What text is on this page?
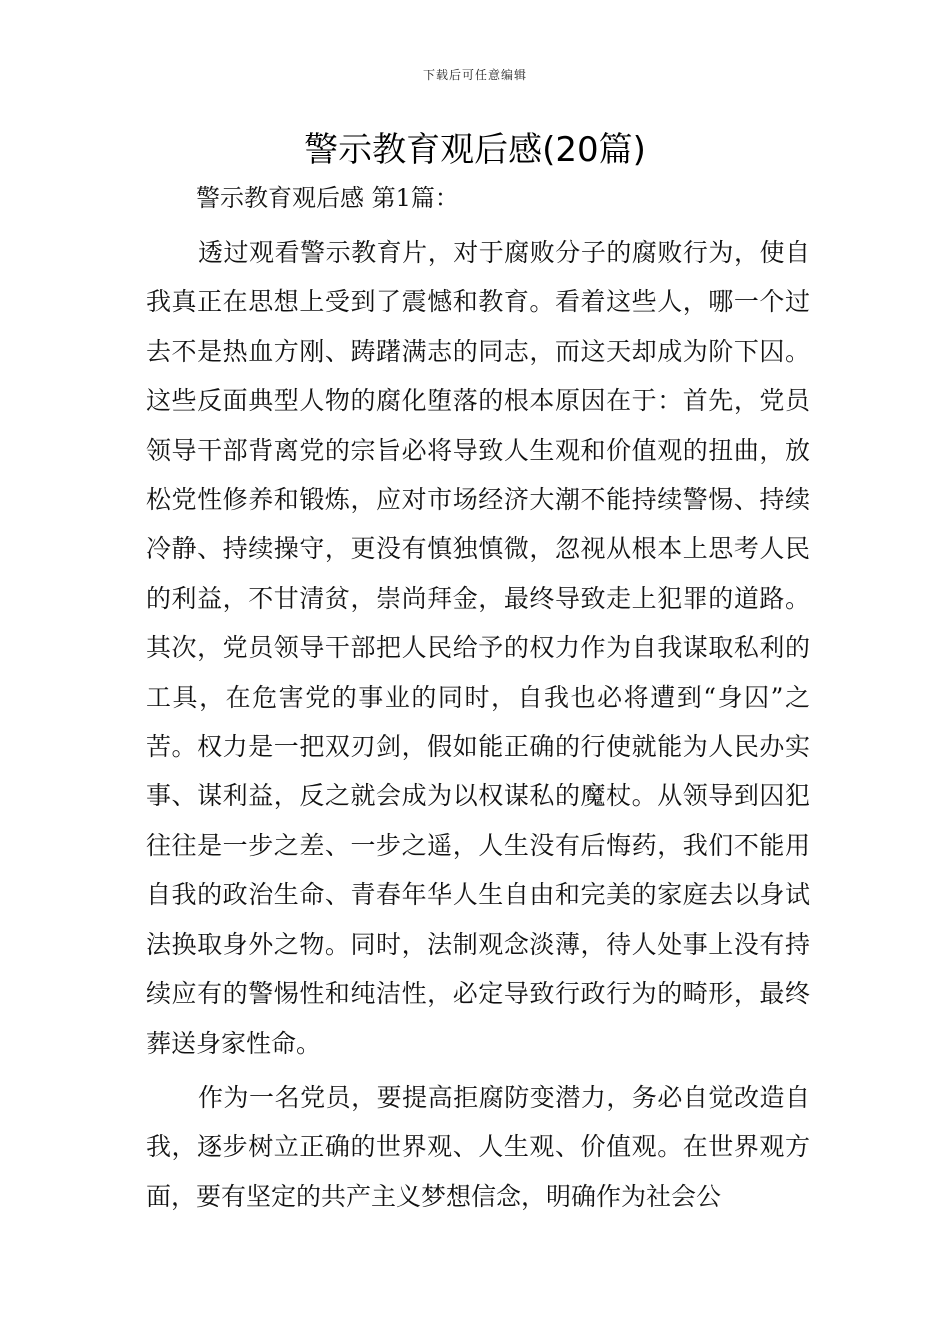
下载后可任意编辑
警示教育观后感(20篇)
警示教育观后感 第1篇：

透过观看警示教育片，对于腐败分子的腐败行为，使自我真正在思想上受到了震憾和教育。看着这些人，哪一个过去不是热血方刚、踌躇满志的同志，而这天却成为阶下囚。这些反面典型人物的腐化堕落的根本原因在于：首先，党员领导干部背离党的宗旨必将导致人生观和价值观的扭曲，放松党性修养和锻炼，应对市场经济大潮不能持续警惕、持续冷静、持续操守，更没有慎独慎微，忽视从根本上思考人民的利益，不甘清贫，崇尚拜金，最终导致走上犯罪的道路。其次，党员领导干部把人民给予的权力作为自我谋取私利的工具，在危害党的事业的同时，自我也必将遭到“身囚”之苦。权力是一把双刃剑，假如能正确的行使就能为人民办实事、谋利益，反之就会成为以权谋私的魔杖。从领导到囚犯往往是一步之差、一步之遥，人生没有后悔药，我们不能用自我的政治生命、青春年华人生自由和完美的家庭去以身试法换取身外之物。同时，法制观念淡薄，待人处事上没有持续应有的警惕性和纯洁性，必定导致行政行为的畸形，最终葬送身家性命。

作为一名党员，要提高拒腐防变潜力，务必自觉改造自我，逐步树立正确的世界观、人生观、价值观。在世界观方面，要有坚定的共产主义梦想信念，明确作为社会公
